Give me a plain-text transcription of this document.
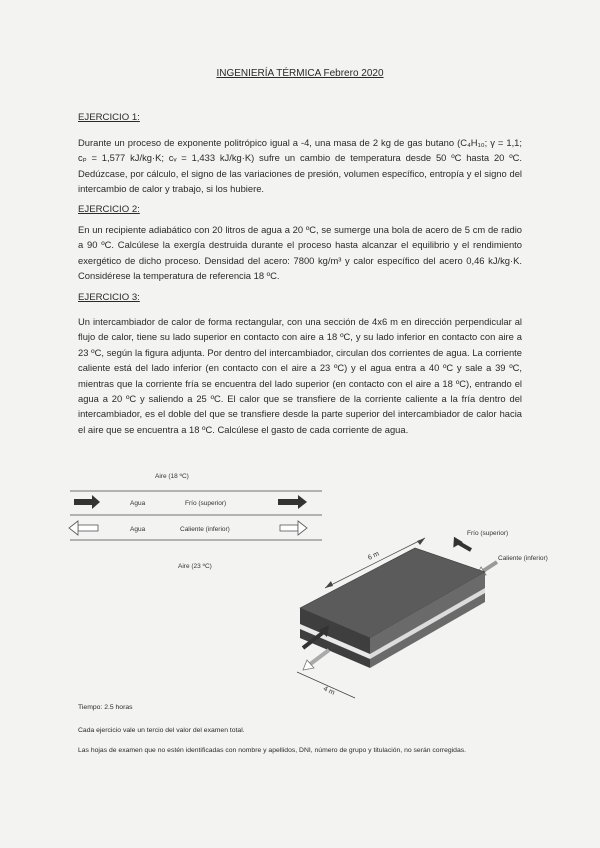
INGENIERÍA TÉRMICA Febrero 2020
EJERCICIO 1:
Durante un proceso de exponente politrópico igual a -4, una masa de 2 kg de gas butano (C₄H₁₀; γ = 1,1; cₚ = 1,577 kJ/kg·K; cᵥ = 1,433 kJ/kg·K) sufre un cambio de temperatura desde 50 ºC hasta 20 ºC. Dedúzcase, por cálculo, el signo de las variaciones de presión, volumen específico, entropía y el signo del intercambio de calor y trabajo, si los hubiere.
EJERCICIO 2:
En un recipiente adiabático con 20 litros de agua a 20 ºC, se sumerge una bola de acero de 5 cm de radio a 90 ºC. Calcúlese la exergía destruida durante el proceso hasta alcanzar el equilibrio y el rendimiento exergético de dicho proceso. Densidad del acero: 7800 kg/m³ y calor específico del acero 0,46 kJ/kg·K. Considérese la temperatura de referencia 18 ºC.
EJERCICIO 3:
Un intercambiador de calor de forma rectangular, con una sección de 4x6 m en dirección perpendicular al flujo de calor, tiene su lado superior en contacto con aire a 18 ºC, y su lado inferior en contacto con aire a 23 ºC, según la figura adjunta. Por dentro del intercambiador, circulan dos corrientes de agua. La corriente caliente está del lado inferior (en contacto con el aire a 23 ºC) y el agua entra a 40 ºC y sale a 39 ºC, mientras que la corriente fría se encuentra del lado superior (en contacto con el aire a 18 ºC), entrando el agua a 20 ºC y saliendo a 25 ºC. El calor que se transfiere de la corriente caliente a la fría dentro del intercambiador, es el doble del que se transfiere desde la parte superior del intercambiador de calor hacia el aire que se encuentra a 18 ºC. Calcúlese el gasto de cada corriente de agua.
Aire (18 ºC)
Agua	Frío (superior)
Agua	Caliente (inferior)
Aire (23 ºC)
Frío (superior)
Caliente (inferior)
6 m
4 m
Tiempo: 2.5 horas
Cada ejercicio vale un tercio del valor del examen total.
Las hojas de examen que no estén identificadas con nombre y apellidos, DNI, número de grupo y titulación, no serán corregidas.
